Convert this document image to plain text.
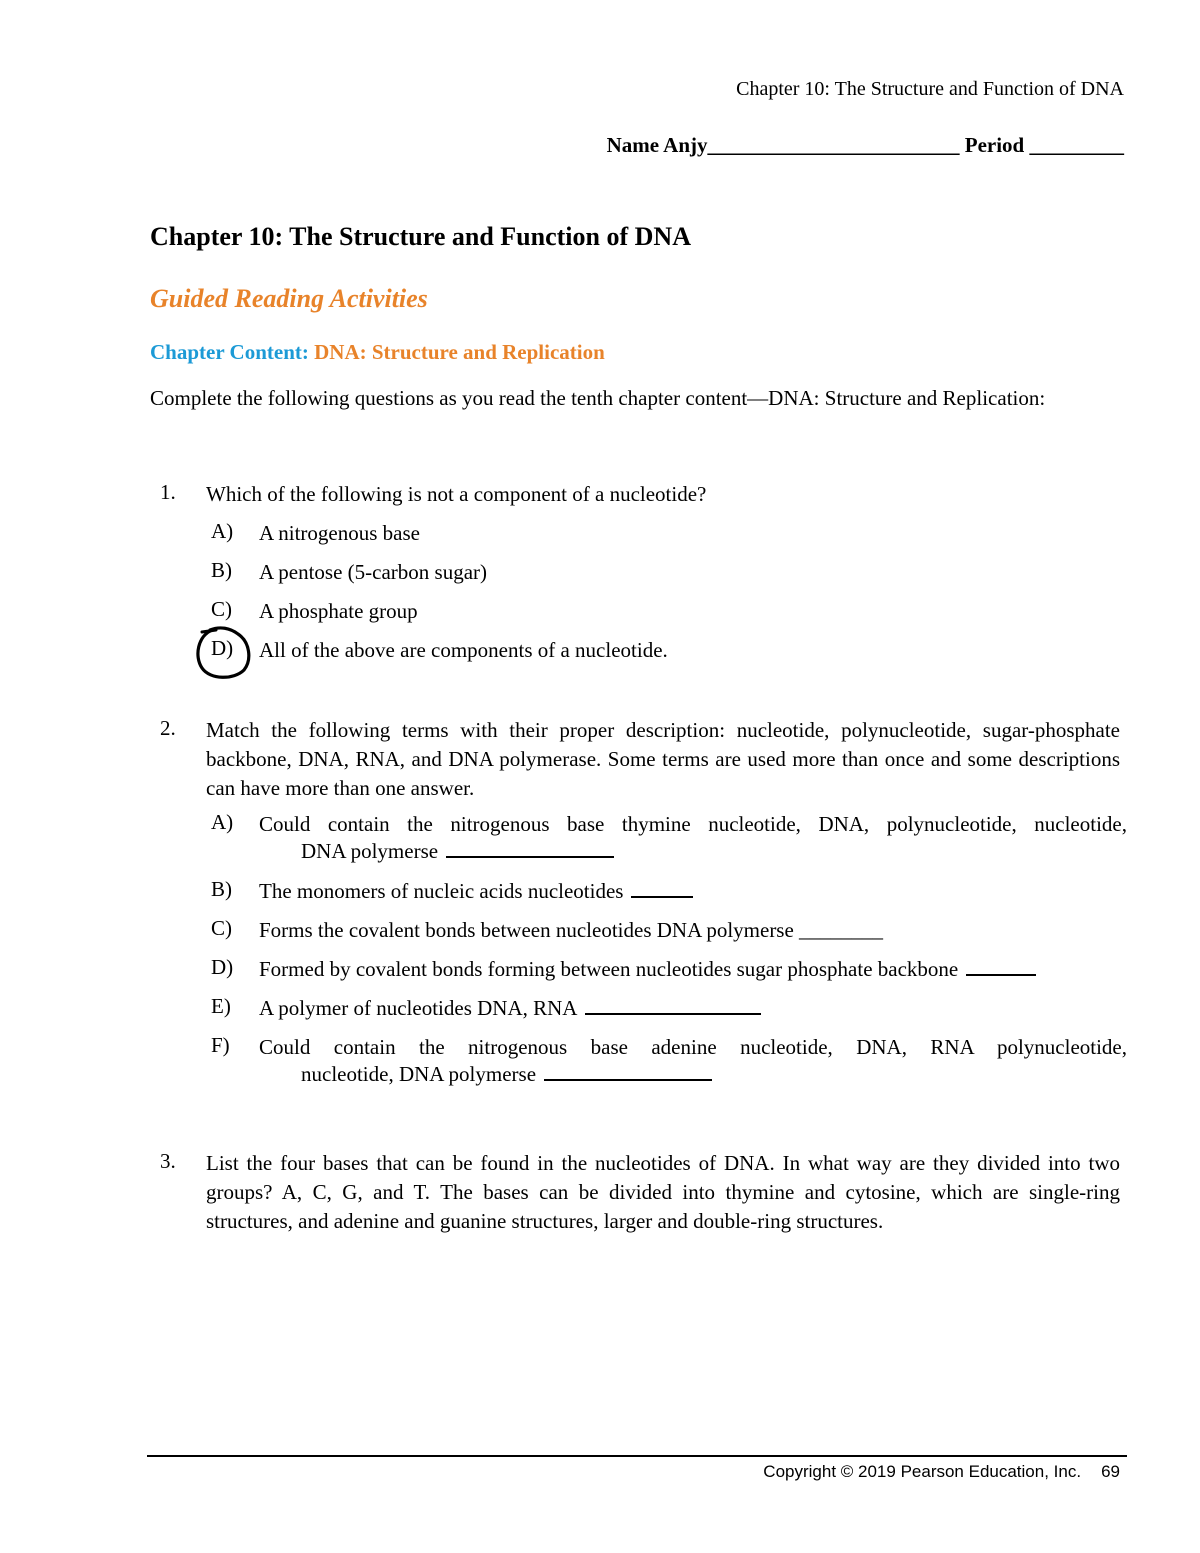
Chapter 10: The Structure and Function of DNA

Name Anjy________________________ Period _________

Chapter 10: The Structure and Function of DNA
Guided Reading Activities

Chapter Content: DNA: Structure and Replication

Complete the following questions as you read the tenth chapter content—DNA: Structure and Replication:

1. Which of the following is not a component of a nucleotide?

A) A nitrogenous base
B) A pentose (5-carbon sugar)
C) A phosphate group
D) All of the above are components of a nucleotide.
2. Match the following terms with their proper description: nucleotide, polynucleotide, sugar-phosphate backbone, DNA, RNA, and DNA polymerase. Some terms are used more than once and some descriptions can have more than one answer.

A) Could contain the nitrogenous base thymine nucleotide, DNA, polynucleotide, nucleotide,
DNA polymerse
B) The monomers of nucleic acids nucleotides
C) Forms the covalent bonds between nucleotides DNA polymerse ________
D) Formed by covalent bonds forming between nucleotides sugar phosphate backbone
E) A polymer of nucleotides DNA, RNA
F) Could contain the nitrogenous base adenine nucleotide, DNA, RNA polynucleotide,
nucleotide, DNA polymerse
3. List the four bases that can be found in the nucleotides of DNA. In what way are they divided into two groups? A, C, G, and T. The bases can be divided into thymine and cytosine, which are single-ring structures, and adenine and guanine structures, larger and double-ring structures.

Copyright © 2019 Pearson Education, Inc. 69
